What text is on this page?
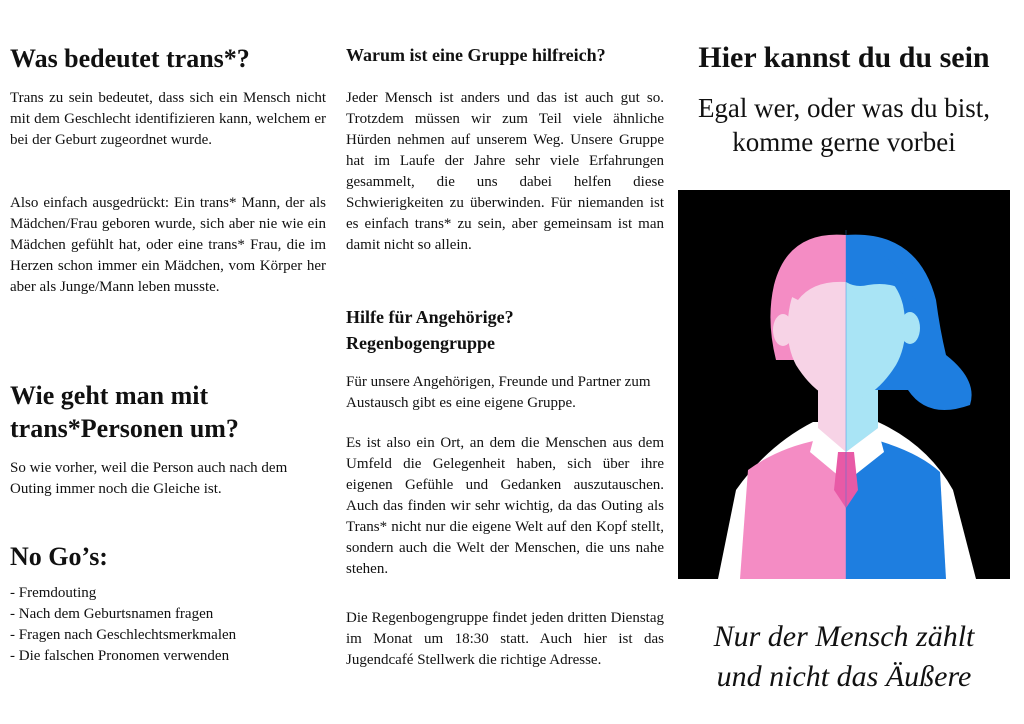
Was bedeutet trans*?

Trans zu sein bedeutet, dass sich ein Mensch nicht mit dem Geschlecht identifizieren kann, welchem er bei der Geburt zugeordnet wurde.

Also einfach ausgedrückt: Ein trans* Mann, der als Mädchen/Frau geboren wurde, sich aber nie wie ein Mädchen gefühlt hat, oder eine trans* Frau, die im Herzen schon immer ein Mädchen, vom Körper her aber als Junge/Mann leben musste.

Wie geht man mit
trans*Personen um?

So wie vorher, weil die Person auch nach dem Outing immer noch die Gleiche ist.

No Go’s:
- Fremdouting
- Nach dem Geburtsnamen fragen
- Fragen nach Geschlechtsmerkmalen
- Die falschen Pronomen verwenden
Warum ist eine Gruppe hilfreich?

Jeder Mensch ist anders und das ist auch gut so. Trotzdem müssen wir zum Teil viele ähnliche Hürden nehmen auf unserem Weg. Unsere Gruppe hat im Laufe der Jahre sehr viele Erfahrungen gesammelt, die uns dabei helfen diese Schwierigkeiten zu überwinden. Für niemanden ist es einfach trans* zu sein, aber gemeinsam ist man damit nicht so allein.

Hilfe für Angehörige?
Regenbogengruppe

Für unsere Angehörigen, Freunde und Partner zum Austausch gibt es eine eigene Gruppe.

Es ist also ein Ort, an dem die Menschen aus dem Umfeld die Gelegenheit haben, sich über ihre eigenen Gefühle und Gedanken auszutauschen. Auch das finden wir sehr wichtig, da das Outing als Trans* nicht nur die eigene Welt auf den Kopf stellt, sondern auch die Welt der Menschen, die uns nahe stehen.

Die Regenbogengruppe findet jeden dritten Dienstag im Monat um 18:30 statt. Auch hier ist das Jugendcafé Stellwerk die richtige Adresse.

Hier kannst du du sein
Egal wer, oder was du bist,
komme gerne vorbei
Nur der Mensch zählt
und nicht das Äußere
